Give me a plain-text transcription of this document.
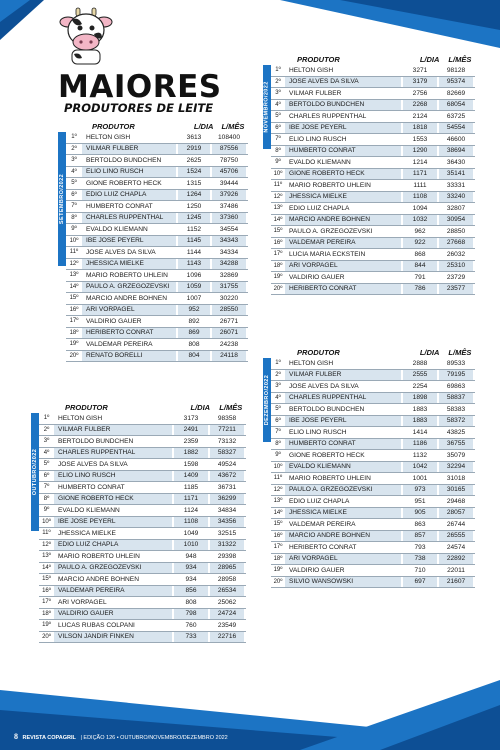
MAIORES
PRODUTORES DE LEITE
SETEMBRO/2022
PRODUTOR	L/DIA	L/MÊS
1º	HELTON GISH	3613	108400
2º	VILMAR FULBER	2919	87556
3º	BERTOLDO BUNDCHEN	2625	78750
4º	ELIO LINO RUSCH	1524	45706
5º	GIONE ROBERTO HECK	1315	39444
6º	EDIO LUIZ CHAPLA	1264	37926
7º	HUMBERTO CONRAT	1250	37486
8º	CHARLES RUPPENTHAL	1245	37360
9º	EVALDO KLIEMANN	1152	34554
10º	IBE JOSE PEYERL	1145	34343
11º	JOSE ALVES DA SILVA	1144	34334
12º	JHESSICA MIELKE	1143	34288
13º	MARIO ROBERTO UHLEIN	1096	32869
14º	PAULO A. GRZEGOZEVSKI	1059	31755
15º	MARCIO ANDRE BOHNEN	1007	30220
16º	ARI VORPAGEL	952	28550
17º	VALDIRIO GAUER	892	26771
18º	HERIBERTO CONRAT	869	26071
19º	VALDEMAR PEREIRA	808	24238
20º	RENATO BORELLI	804	24118
OUTUBRO/2022
PRODUTOR	L/DIA	L/MÊS
1º	HELTON GISH	3173	98358
2º	VILMAR FULBER	2491	77211
3º	BERTOLDO BUNDCHEN	2359	73132
4º	CHARLES RUPPENTHAL	1882	58327
5º	JOSE ALVES DA SILVA	1598	49524
6º	ELIO LINO RUSCH	1409	43672
7º	HUMBERTO CONRAT	1185	36731
8º	GIONE ROBERTO HECK	1171	36299
9º	EVALDO KLIEMANN	1124	34834
10º	IBE JOSE PEYERL	1108	34356
11º	JHESSICA MIELKE	1049	32515
12º	EDIO LUIZ CHAPLA	1010	31322
13º	MARIO ROBERTO UHLEIN	948	29398
14º	PAULO A. GRZEGOZEVSKI	934	28965
15º	MARCIO ANDRE BOHNEN	934	28958
16º	VALDEMAR PEREIRA	856	26534
17º	ARI VORPAGEL	808	25062
18º	VALDIRIO GAUER	798	24724
19º	LUCAS RUBAS COLPANI	760	23549
20º	VILSON JANDIR FINKEN	733	22716
NOVEMBRO/2022
PRODUTOR	L/DIA	L/MÊS
1º	HELTON GISH	3271	98128
2º	JOSE ALVES DA SILVA	3179	95374
3º	VILMAR FULBER	2756	82669
4º	BERTOLDO BUNDCHEN	2268	68054
5º	CHARLES RUPPENTHAL	2124	63725
6º	IBE JOSE PEYERL	1818	54554
7º	ELIO LINO RUSCH	1553	46600
8º	HUMBERTO CONRAT	1290	38694
9º	EVALDO KLIEMANN	1214	36430
10º GIONE ROBERTO HECK	1171	35141
11º	MARIO ROBERTO UHLEIN	1111	33331
12º JHESSICA MIELKE	1108	33240
13º EDIO LUIZ CHAPLA	1094	32807
14º MARCIO ANDRE BOHNEN	1032	30954
15º PAULO A. GRZEGOZEVSKI	962	28850
16º VALDEMAR PEREIRA	922	27668
17º LUCIA MARIA ECKSTEIN	868	26032
18º ARI VORPAGEL	844	25310
19º VALDIRIO GAUER	791	23729
20º HERIBERTO CONRAT	786	23577
DEZEMBRO/2022
PRODUTOR	L/DIA	L/MÊS
1º	HELTON GISH	2888	89533
2º	VILMAR FULBER	2555	79195
3º	JOSE ALVES DA SILVA	2254	69863
4º	CHARLES RUPPENTHAL	1898	58837
5º	BERTOLDO BUNDCHEN	1883	58383
6º	IBE JOSE PEYERL	1883	58372
7º	ELIO LINO RUSCH	1414	43825
8º	HUMBERTO CONRAT	1186	36755
9º	GIONE ROBERTO HECK	1132	35079
10º EVALDO KLIEMANN	1042	32294
11º	MARIO ROBERTO UHLEIN	1001	31018
12º PAULO A. GRZEGOZEVSKI	973	30165
13º EDIO LUIZ CHAPLA	951	29468
14º JHESSICA MIELKE	905	28057
15º VALDEMAR PEREIRA	863	26744
16º MARCIO ANDRE BOHNEN	857	26555
17º HERIBERTO CONRAT	793	24574
18º ARI VORPAGEL	738	22892
19º VALDIRIO GAUER	710	22011
20º SILVIO WANSOWSKI	697	21607
8 REVISTA COPAGRIL | EDIÇÃO 126 • OUTUBRO/NOVEMBRO/DEZEMBRO 2022
